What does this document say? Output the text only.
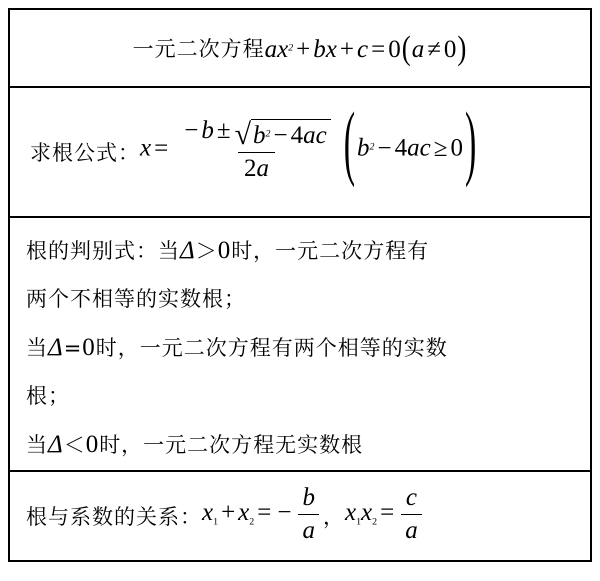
一元二次方程 $ax^2$ + bx + c = 0(a ≠ 0)

求根公式： $x = \frac{- b \pm √ b^2 - 4ac}{2a} (b^2 - 4ac \ge 0)$

根的判别式：当Δ＞0时，一元二次方程有
两个不相等的实数根；
当Δ=0时，一元二次方程有两个相等的实数
根；
当Δ＜0时，一元二次方程无实数根

根与系数的关系： $x_1 + x_2$ = − $\frac{b}{a}$ ， $x_1x_2 = \frac{c}{a}$
